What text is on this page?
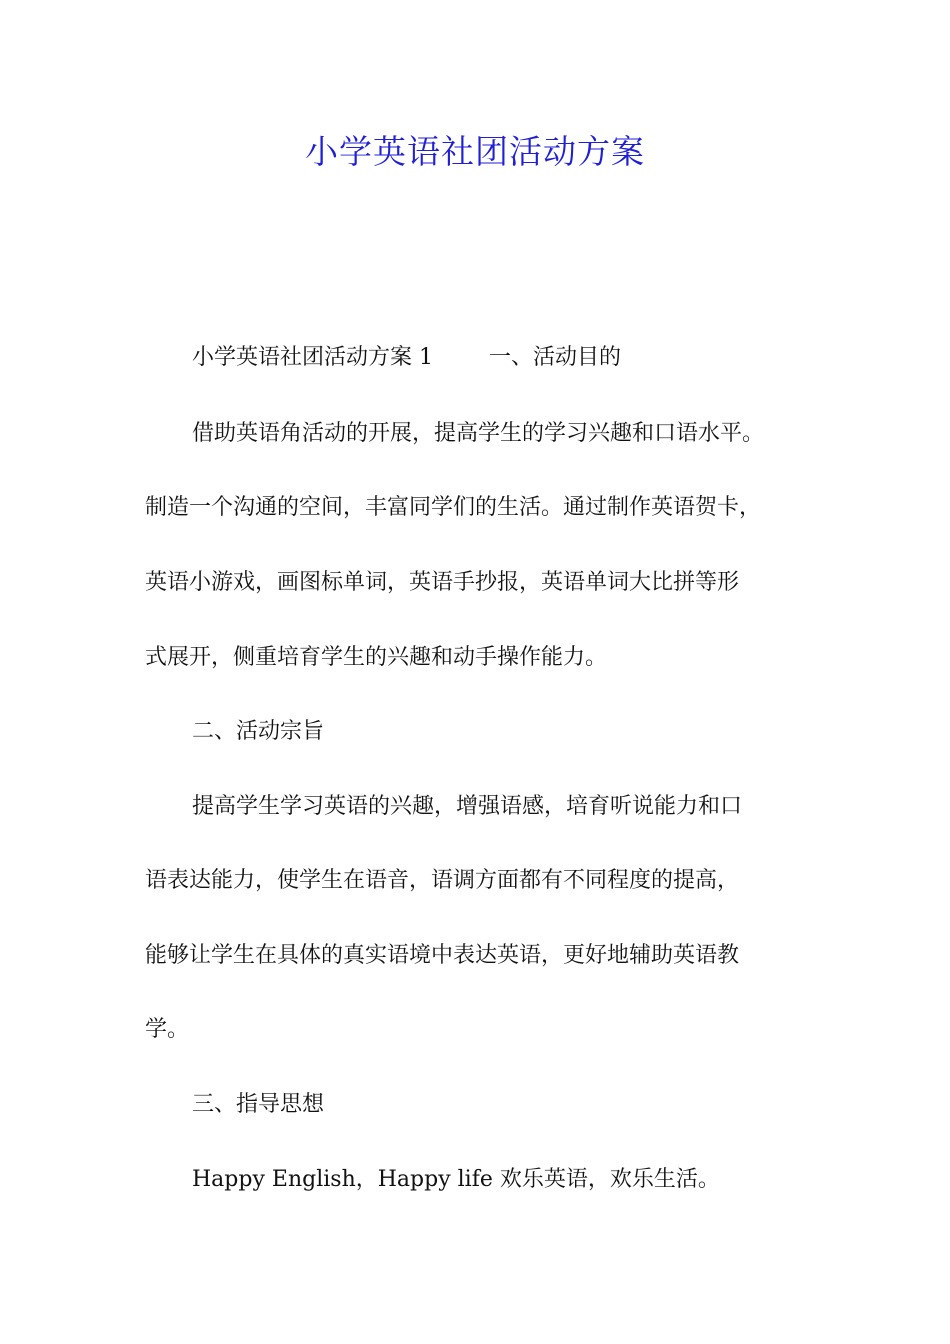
小学英语社团活动方案
小学英语社团活动方案 1	一、活动目的
借助英语角活动的开展，提高学生的学习兴趣和口语水平。
制造一个沟通的空间，丰富同学们的生活。通过制作英语贺卡，
英语小游戏，画图标单词，英语手抄报，英语单词大比拼等形
式展开，侧重培育学生的兴趣和动手操作能力。
二、活动宗旨
提高学生学习英语的兴趣，增强语感，培育听说能力和口
语表达能力，使学生在语音，语调方面都有不同程度的提高，
能够让学生在具体的真实语境中表达英语，更好地辅助英语教
学。
三、指导思想
Happy English，Happy life 欢乐英语，欢乐生活。
